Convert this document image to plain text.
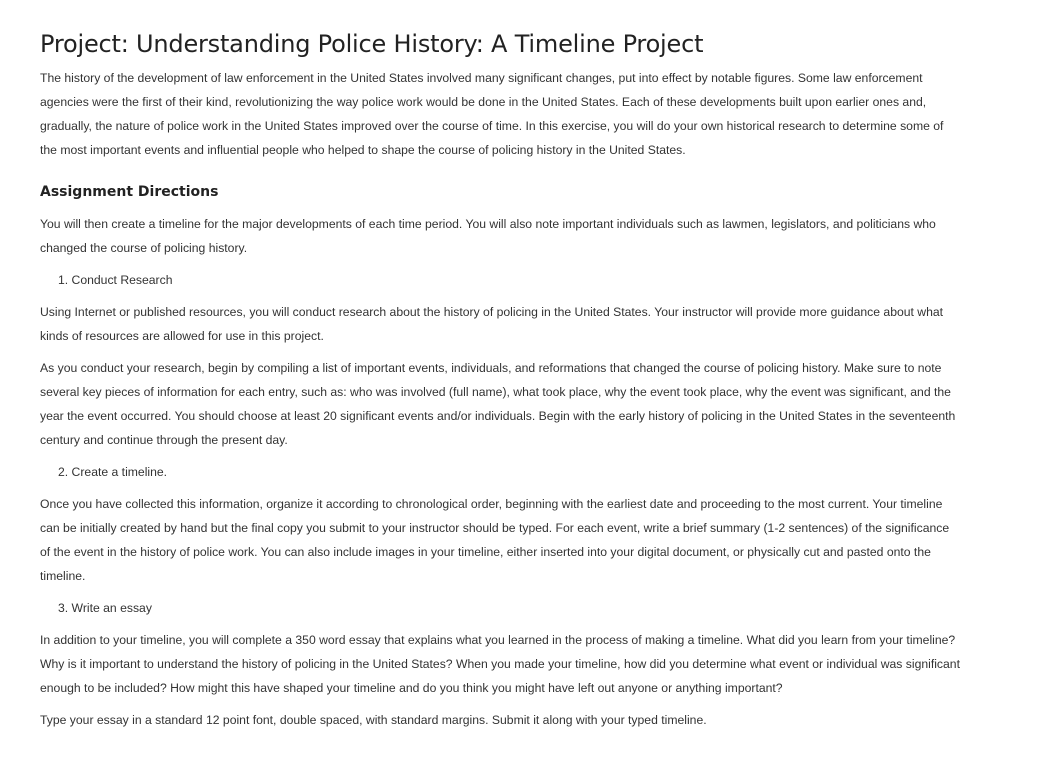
Project: Understanding Police History: A Timeline Project

The history of the development of law enforcement in the United States involved many significant changes, put into effect by notable figures. Some law enforcement agencies were the first of their kind, revolutionizing the way police work would be done in the United States. Each of these developments built upon earlier ones and, gradually, the nature of police work in the United States improved over the course of time. In this exercise, you will do your own historical research to determine some of the most important events and influential people who helped to shape the course of policing history in the United States.

Assignment Directions

You will then create a timeline for the major developments of each time period. You will also note important individuals such as lawmen, legislators, and politicians who changed the course of policing history.

1. Conduct Research

Using Internet or published resources, you will conduct research about the history of policing in the United States. Your instructor will provide more guidance about what kinds of resources are allowed for use in this project.

As you conduct your research, begin by compiling a list of important events, individuals, and reformations that changed the course of policing history. Make sure to note several key pieces of information for each entry, such as: who was involved (full name), what took place, why the event took place, why the event was significant, and the year the event occurred. You should choose at least 20 significant events and/or individuals. Begin with the early history of policing in the United States in the seventeenth century and continue through the present day.

2. Create a timeline.

Once you have collected this information, organize it according to chronological order, beginning with the earliest date and proceeding to the most current. Your timeline can be initially created by hand but the final copy you submit to your instructor should be typed. For each event, write a brief summary (1-2 sentences) of the significance of the event in the history of police work. You can also include images in your timeline, either inserted into your digital document, or physically cut and pasted onto the timeline.

3. Write an essay

In addition to your timeline, you will complete a 350 word essay that explains what you learned in the process of making a timeline. What did you learn from your timeline? Why is it important to understand the history of policing in the United States? When you made your timeline, how did you determine what event or individual was significant enough to be included? How might this have shaped your timeline and do you think you might have left out anyone or anything important?

Type your essay in a standard 12 point font, double spaced, with standard margins. Submit it along with your typed timeline.
